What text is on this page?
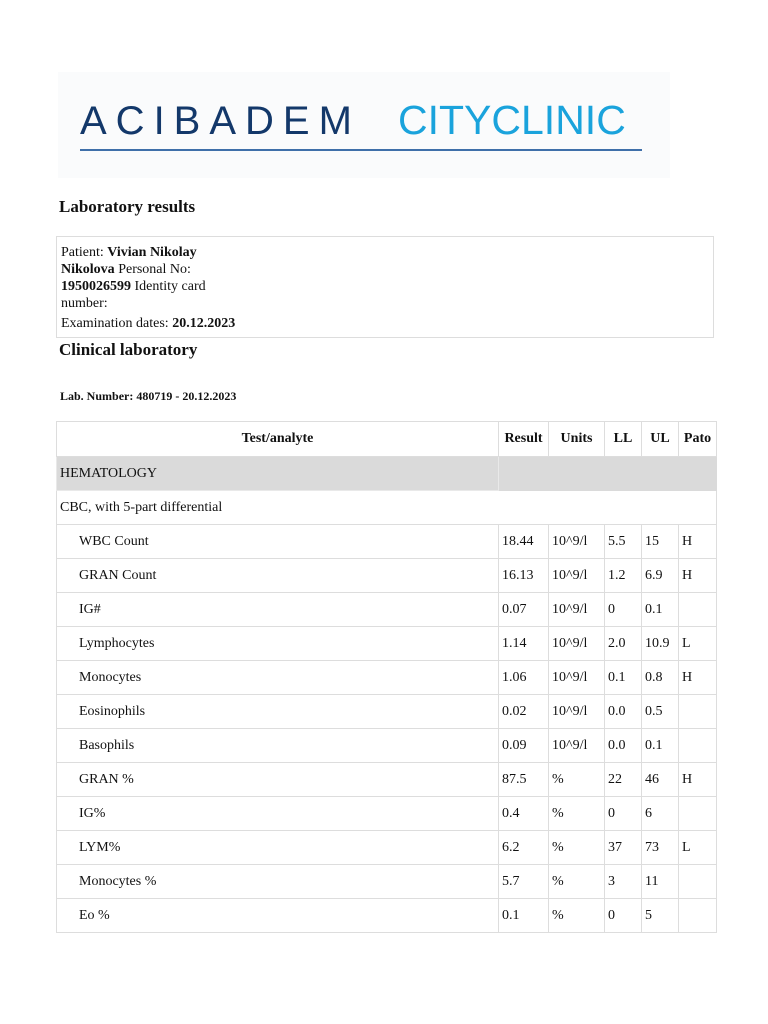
ACIBADEM CITYCLINIC
Laboratory results
Patient: Vivian Nikolay Nikolova Personal No: 1950026599 Identity card number:
Examination dates: 20.12.2023
Clinical laboratory
Lab. Number: 480719 - 20.12.2023
Test/analyte	Result	Units	LL	UL	Pato
HEMATOLOGY					
CBC, with 5-part differential					
WBC Count	18.44	10^9/l	5.5	15	H
GRAN Count	16.13	10^9/l	1.2	6.9	H
IG#	0.07	10^9/l	0	0.1	
Lymphocytes	1.14	10^9/l	2.0	10.9	L
Monocytes	1.06	10^9/l	0.1	0.8	H
Eosinophils	0.02	10^9/l	0.0	0.5	
Basophils	0.09	10^9/l	0.0	0.1	
GRAN %	87.5	%	22	46	H
IG%	0.4	%	0	6	
LYM%	6.2	%	37	73	L
Monocytes %	5.7	%	3	11	
Eo %	0.1	%	0	5	
